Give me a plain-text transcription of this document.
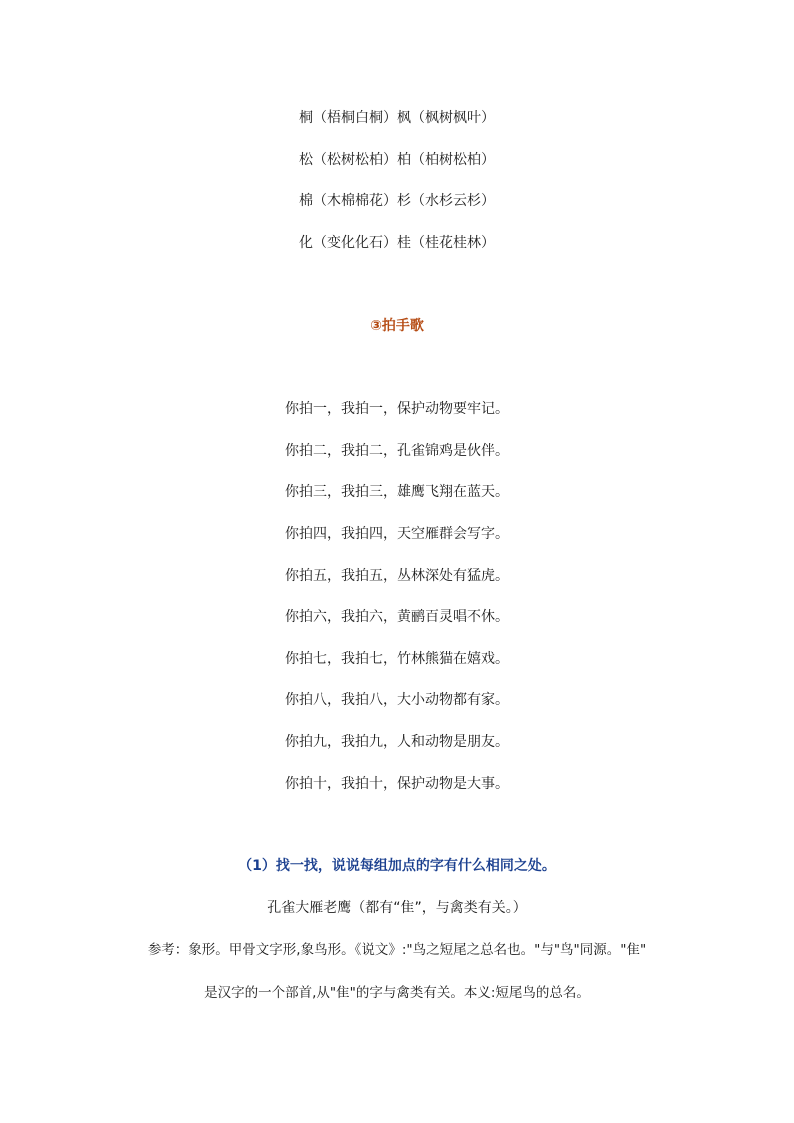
桐（梧桐白桐）枫（枫树枫叶）
松（松树松柏）柏（柏树松柏）
棉（木棉棉花）杉（水杉云杉）
化（变化化石）桂（桂花桂林）
③拍手歌
你拍一，我拍一，保护动物要牢记。
你拍二，我拍二，孔雀锦鸡是伙伴。
你拍三，我拍三，雄鹰飞翔在蓝天。
你拍四，我拍四，天空雁群会写字。
你拍五，我拍五，丛林深处有猛虎。
你拍六，我拍六，黄鹂百灵唱不休。
你拍七，我拍七，竹林熊猫在嬉戏。
你拍八，我拍八，大小动物都有家。
你拍九，我拍九，人和动物是朋友。
你拍十，我拍十，保护动物是大事。
（1）找一找，说说每组加点的字有什么相同之处。
孔雀大雁老鹰（都有“隹”，与禽类有关。）
参考：象形。甲骨文字形,象鸟形。《说文》:"鸟之短尾之总名也。"与"鸟"同源。"隹"
是汉字的一个部首,从"隹"的字与禽类有关。本义:短尾鸟的总名。
